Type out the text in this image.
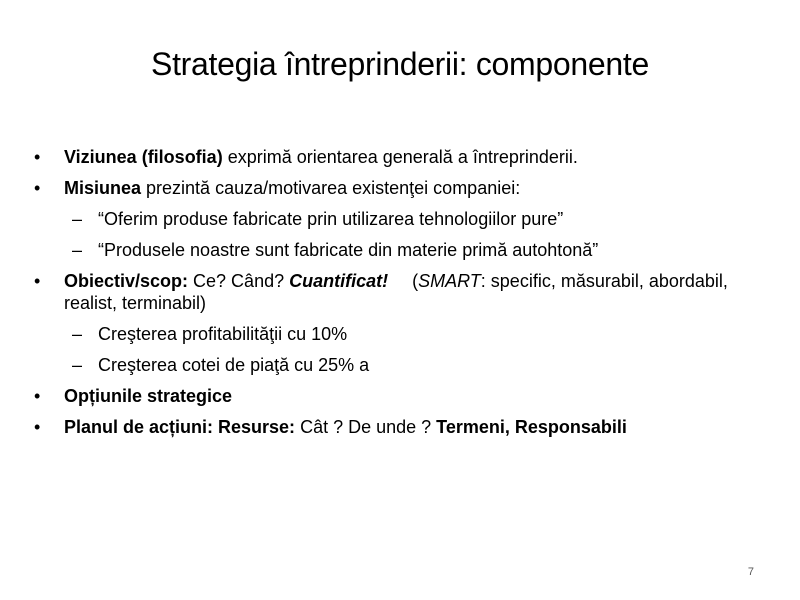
Strategia întreprinderii: componente
•	Viziunea (filosofia) exprimă orientarea generală a întreprinderii.
•	Misiunea prezintă cauza/motivarea existenţei companiei:
– “Oferim produse fabricate prin utilizarea tehnologiilor pure”
– “Produsele noastre sunt fabricate din materie primă autohtonă”
•	Obiectiv/scop: Ce? Când? Cuantificat! (SMART: specific, măsurabil, abordabil, realist, terminabil)
– Creşterea profitabilităţii cu 10%
– Creşterea cotei de piaţă cu 25% a
•	Opțiunile strategice
•	Planul de acțiuni: Resurse: Cât ? De unde ? Termeni, Responsabili
7
